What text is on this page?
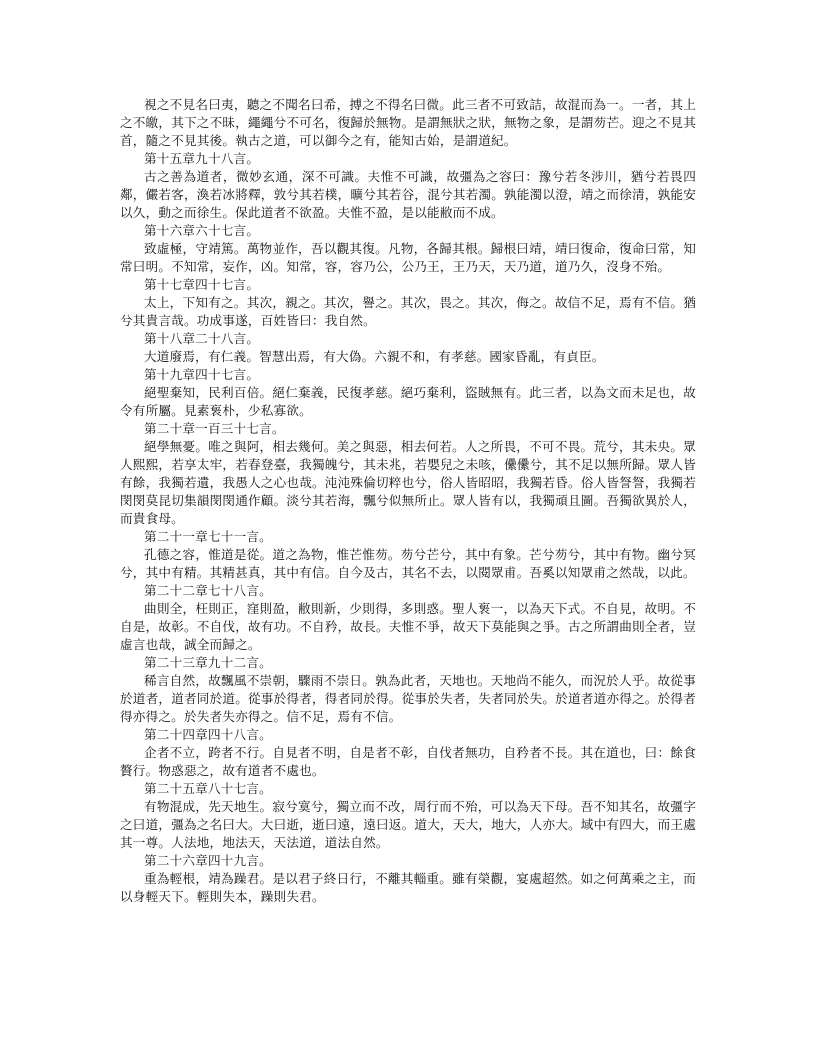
視之不見名曰夷，聽之不聞名曰希，搏之不得名曰微。此三者不可致詰，故混而為一。一者，其上之不皦，其下之不昧，繩繩兮不可名，復歸於無物。是謂無狀之狀，無物之象，是謂芴芒。迎之不見其首，隨之不見其後。執古之道，可以御今之有，能知古始，是謂道紀。

第十五章九十八言。

古之善為道者，微妙玄通，深不可識。夫惟不可識，故彊為之容曰：豫兮若冬涉川，猶兮若畏四鄰，儼若客，渙若冰將釋，敦兮其若樸，曠兮其若谷，混兮其若濁。孰能濁以澄，靖之而徐清，孰能安以久，動之而徐生。保此道者不欲盈。夫惟不盈，是以能敝而不成。

第十六章六十七言。

致虛極，守靖篤。萬物並作，吾以觀其復。凡物，各歸其根。歸根曰靖，靖曰復命，復命曰常，知常曰明。不知常，妄作，凶。知常，容，容乃公，公乃王，王乃天，天乃道，道乃久，沒身不殆。

第十七章四十七言。

太上，下知有之。其次，親之。其次，譽之。其次，畏之。其次，侮之。故信不足，焉有不信。猶兮其貴言哉。功成事遂，百姓皆曰：我自然。

第十八章二十八言。

大道廢焉，有仁義。智慧出焉，有大偽。六親不和，有孝慈。國家昏亂，有貞臣。

第十九章四十七言。

絕聖棄知，民利百倍。絕仁棄義，民復孝慈。絕巧棄利，盜賊無有。此三者，以為文而未足也，故令有所屬。見素袌朴，少私寡欲。

第二十章一百三十七言。

絕學無憂。唯之與阿，相去幾何。美之與惡，相去何若。人之所畏，不可不畏。荒兮，其未央。眾人熙熙，若享太牢，若春登臺，我獨魄兮，其未兆，若嬰兒之未咳，儽儽兮，其不足以無所歸。眾人皆有餘，我獨若遺，我愚人之心也哉。沌沌殊倫切粹也兮，俗人皆昭昭，我獨若昏。俗人皆詧詧，我獨若閔閔莫昆切集韻閔閔通作顧。淡兮其若海，飄兮似無所止。眾人皆有以，我獨頑且圖。吾獨欲異於人，而貴食母。

第二十一章七十一言。

孔德之容，惟道是從。道之為物，惟芒惟芴。芴兮芒兮，其中有象。芒兮芴兮，其中有物。幽兮冥兮，其中有精。其精甚真，其中有信。自今及古，其名不去，以閱眾甫。吾奚以知眾甫之然哉，以此。

第二十二章七十八言。

曲則全，枉則正，窪則盈，敝則新，少則得，多則惑。聖人袌一，以為天下式。不自見，故明。不自是，故彰。不自伐，故有功。不自矜，故長。夫惟不爭，故天下莫能與之爭。古之所謂曲則全者，豈虛言也哉，誠全而歸之。

第二十三章九十二言。

稀言自然，故飄風不崇朝，驟雨不崇日。孰為此者，天地也。天地尚不能久，而況於人乎。故從事於道者，道者同於道。從事於得者，得者同於得。從事於失者，失者同於失。於道者道亦得之。於得者得亦得之。於失者失亦得之。信不足，焉有不信。

第二十四章四十八言。

企者不立，跨者不行。自見者不明，自是者不彰，自伐者無功，自矜者不長。其在道也，曰：餘食贅行。物惑惡之，故有道者不處也。

第二十五章八十七言。

有物混成，先天地生。寂兮寞兮，獨立而不改，周行而不殆，可以為天下母。吾不知其名，故彊字之曰道，彊為之名曰大。大曰逝，逝曰遠，遠曰返。道大，天大，地大，人亦大。域中有四大，而王處其一尊。人法地，地法天，天法道，道法自然。

第二十六章四十九言。

重為輕根，靖為躁君。是以君子終日行，不離其輜重。雖有榮觀，宴處超然。如之何萬乘之主，而以身輕天下。輕則失本，躁則失君。
